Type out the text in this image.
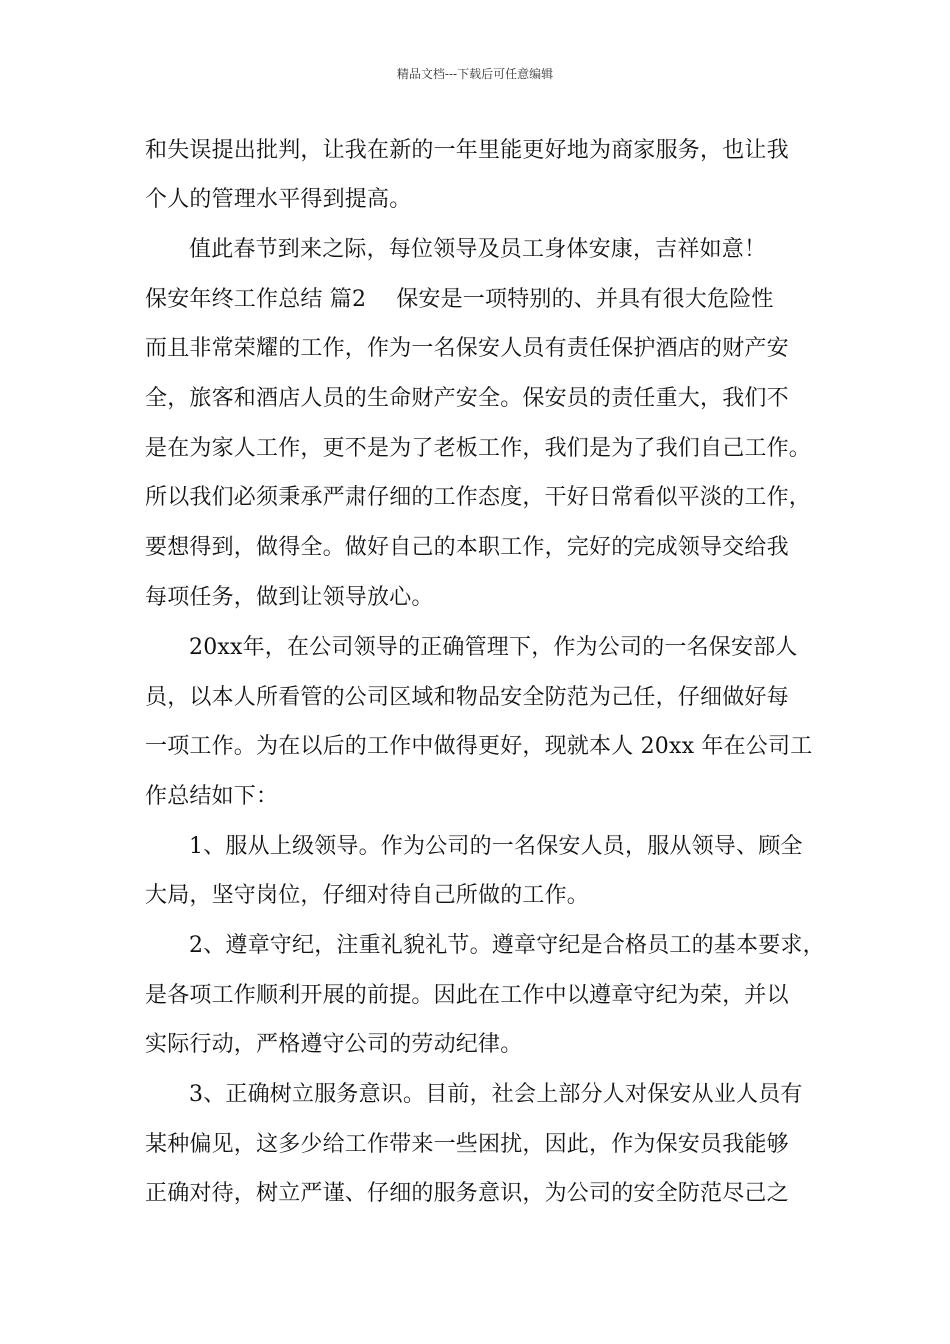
精品文档---下载后可任意编辑
和失误提出批判，让我在新的一年里能更好地为商家服务，也让我
个人的管理水平得到提高。
值此春节到来之际，每位领导及员工身体安康，吉祥如意！
保安年终工作总结 篇2 保安是一项特别的、并具有很大危险性
而且非常荣耀的工作，作为一名保安人员有责任保护酒店的财产安
全，旅客和酒店人员的生命财产安全。保安员的责任重大，我们不
是在为家人工作，更不是为了老板工作，我们是为了我们自己工作。
所以我们必须秉承严肃仔细的工作态度，干好日常看似平淡的工作，
要想得到，做得全。做好自己的本职工作，完好的完成领导交给我
每项任务，做到让领导放心。
20xx年，在公司领导的正确管理下，作为公司的一名保安部人
员，以本人所看管的公司区域和物品安全防范为己任，仔细做好每
一项工作。为在以后的工作中做得更好，现就本人 20xx 年在公司工
作总结如下：
1、服从上级领导。作为公司的一名保安人员，服从领导、顾全
大局，坚守岗位，仔细对待自己所做的工作。
2、遵章守纪，注重礼貌礼节。遵章守纪是合格员工的基本要求，
是各项工作顺利开展的前提。因此在工作中以遵章守纪为荣，并以
实际行动，严格遵守公司的劳动纪律。
3、正确树立服务意识。目前，社会上部分人对保安从业人员有
某种偏见，这多少给工作带来一些困扰，因此，作为保安员我能够
正确对待，树立严谨、仔细的服务意识，为公司的安全防范尽己之
